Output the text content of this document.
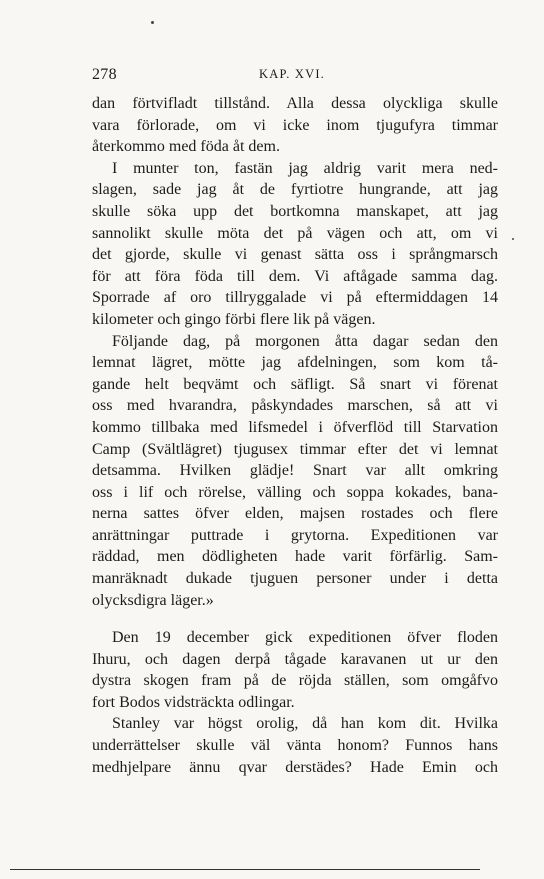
278	KAP. XVI.
dan förtvifladt tillstånd. Alla dessa olyckliga skulle
vara förlorade, om vi icke inom tjugufyra timmar
återkommo med föda åt dem.
I munter ton, fastän jag aldrig varit mera ned-
slagen, sade jag åt de fyrtiotre hungrande, att jag
skulle söka upp det bortkomna manskapet, att jag
sannolikt skulle möta det på vägen och att, om vi
det gjorde, skulle vi genast sätta oss i språngmarsch
för att föra föda till dem. Vi aftågade samma dag.
Sporrade af oro tillryggalade vi på eftermiddagen 14
kilometer och gingo förbi flere lik på vägen.
Följande dag, på morgonen åtta dagar sedan den
lemnat lägret, mötte jag afdelningen, som kom tå-
gande helt beqvämt och säfligt. Så snart vi förenat
oss med hvarandra, påskyndades marschen, så att vi
kommo tillbaka med lifsmedel i öfverflöd till Starvation
Camp (Svältlägret) tjugusex timmar efter det vi lemnat
detsamma. Hvilken glädje! Snart var allt omkring
oss i lif och rörelse, välling och soppa kokades, bana-
nerna sattes öfver elden, majsen rostades och flere
anrättningar puttrade i grytorna. Expeditionen var
räddad, men dödligheten hade varit förfärlig. Sam-
manräknadt dukade tjuguen personer under i detta
olycksdigra läger.»
Den 19 december gick expeditionen öfver floden
Ihuru, och dagen derpå tågade karavanen ut ur den
dystra skogen fram på de röjda ställen, som omgåfvo
fort Bodos vidsträckta odlingar.
Stanley var högst orolig, då han kom dit. Hvilka
underrättelser skulle väl vänta honom? Funnos hans
medhjelpare ännu qvar derstädes? Hade Emin och
